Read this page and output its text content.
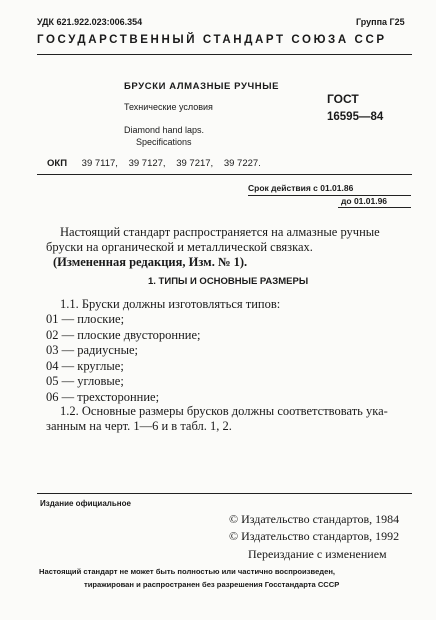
УДК 621.922.023:006.354	Группа Г25
ГОСУДАРСТВЕННЫЙ СТАНДАРТ СОЮЗА ССР
БРУСКИ АЛМАЗНЫЕ РУЧНЫЕ
Технические условия
Diamond hand laps.
Specifications
ГОСТ
16595—84
ОКП 39 7117, 39 7127, 39 7217, 39 7227.
Срок действия с 01.01.86
до 01.01.96
Настоящий стандарт распространяется на алмазные ручные
бруски на органической и металлической связках.
(Измененная редакция, Изм. № 1).
1. ТИПЫ И ОСНОВНЫЕ РАЗМЕРЫ
1.1. Бруски должны изготовляться типов:
01 — плоские;
02 — плоские двусторонние;
03 — радиусные;
04 — круглые;
05 — угловые;
06 — трехсторонние;
1.2. Основные размеры брусков должны соответствовать ука-
занным на черт. 1—6 и в табл. 1, 2.
Издание официальное
© Издательство стандартов, 1984
© Издательство стандартов, 1992
Переиздание с изменением
Настоящий стандарт не может быть полностью или частично воспроизведен,
тиражирован и распространен без разрешения Госстандарта СССР
